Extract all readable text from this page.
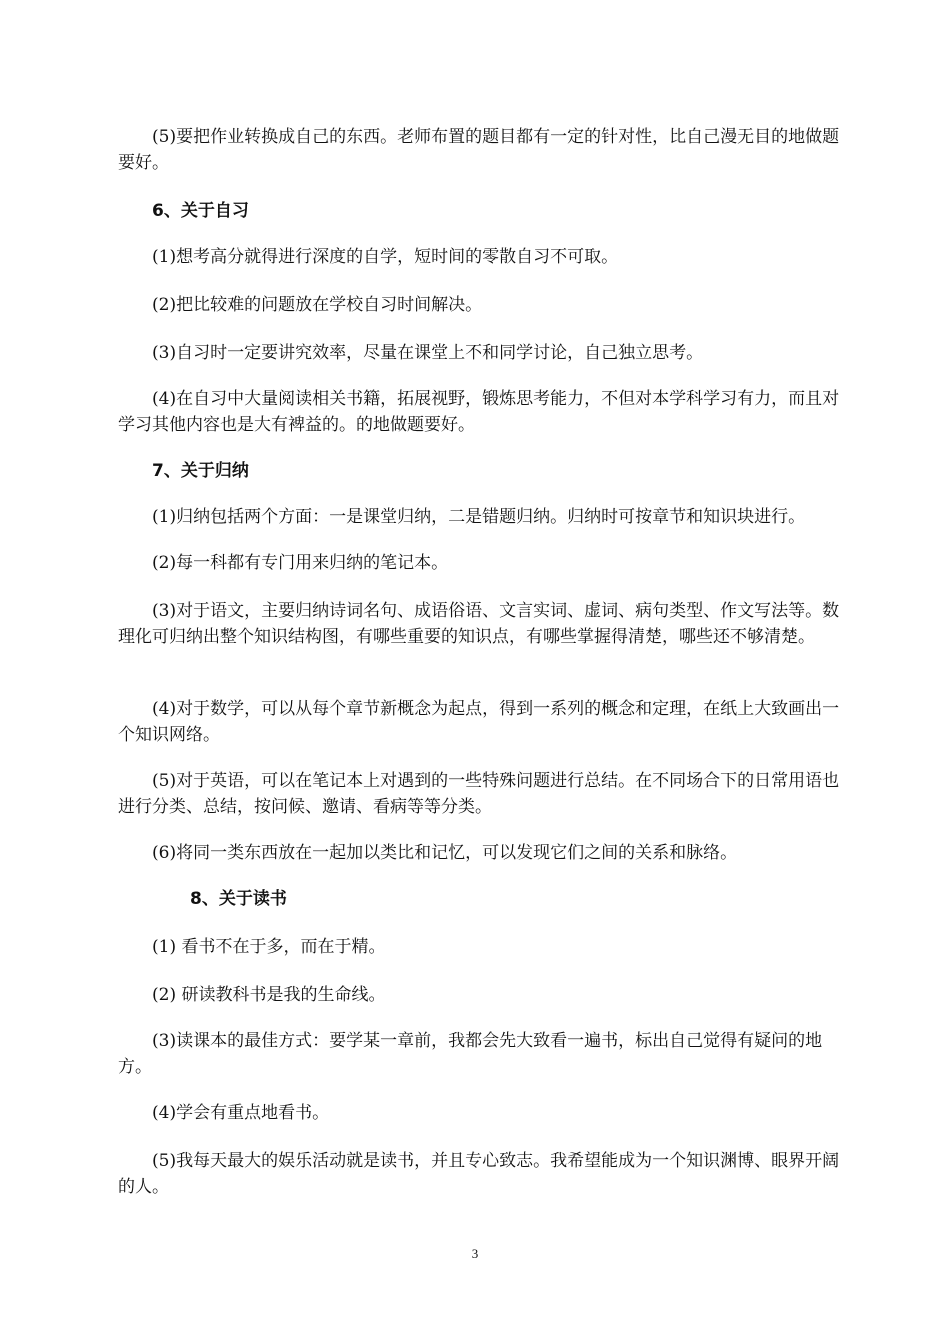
(5)要把作业转换成自己的东西。老师布置的题目都有一定的针对性，比自己漫无目的地做题要好。

6、关于自习

(1)想考高分就得进行深度的自学，短时间的零散自习不可取。

(2)把比较难的问题放在学校自习时间解决。

(3)自习时一定要讲究效率，尽量在课堂上不和同学讨论，自己独立思考。

(4)在自习中大量阅读相关书籍，拓展视野，锻炼思考能力，不但对本学科学习有力，而且对学习其他内容也是大有裨益的。的地做题要好。

7、关于归纳

(1)归纳包括两个方面：一是课堂归纳，二是错题归纳。归纳时可按章节和知识块进行。

(2)每一科都有专门用来归纳的笔记本。

(3)对于语文，主要归纳诗词名句、成语俗语、文言实词、虚词、病句类型、作文写法等。数理化可归纳出整个知识结构图，有哪些重要的知识点，有哪些掌握得清楚，哪些还不够清楚。

(4)对于数学，可以从每个章节新概念为起点，得到一系列的概念和定理，在纸上大致画出一个知识网络。

(5)对于英语，可以在笔记本上对遇到的一些特殊问题进行总结。在不同场合下的日常用语也进行分类、总结，按问候、邀请、看病等等分类。

(6)将同一类东西放在一起加以类比和记忆，可以发现它们之间的关系和脉络。

8、关于读书

(1) 看书不在于多，而在于精。

(2) 研读教科书是我的生命线。

(3)读课本的最佳方式：要学某一章前，我都会先大致看一遍书，标出自己觉得有疑问的地方。

(4)学会有重点地看书。

(5)我每天最大的娱乐活动就是读书，并且专心致志。我希望能成为一个知识渊博、眼界开阔的人。

3
